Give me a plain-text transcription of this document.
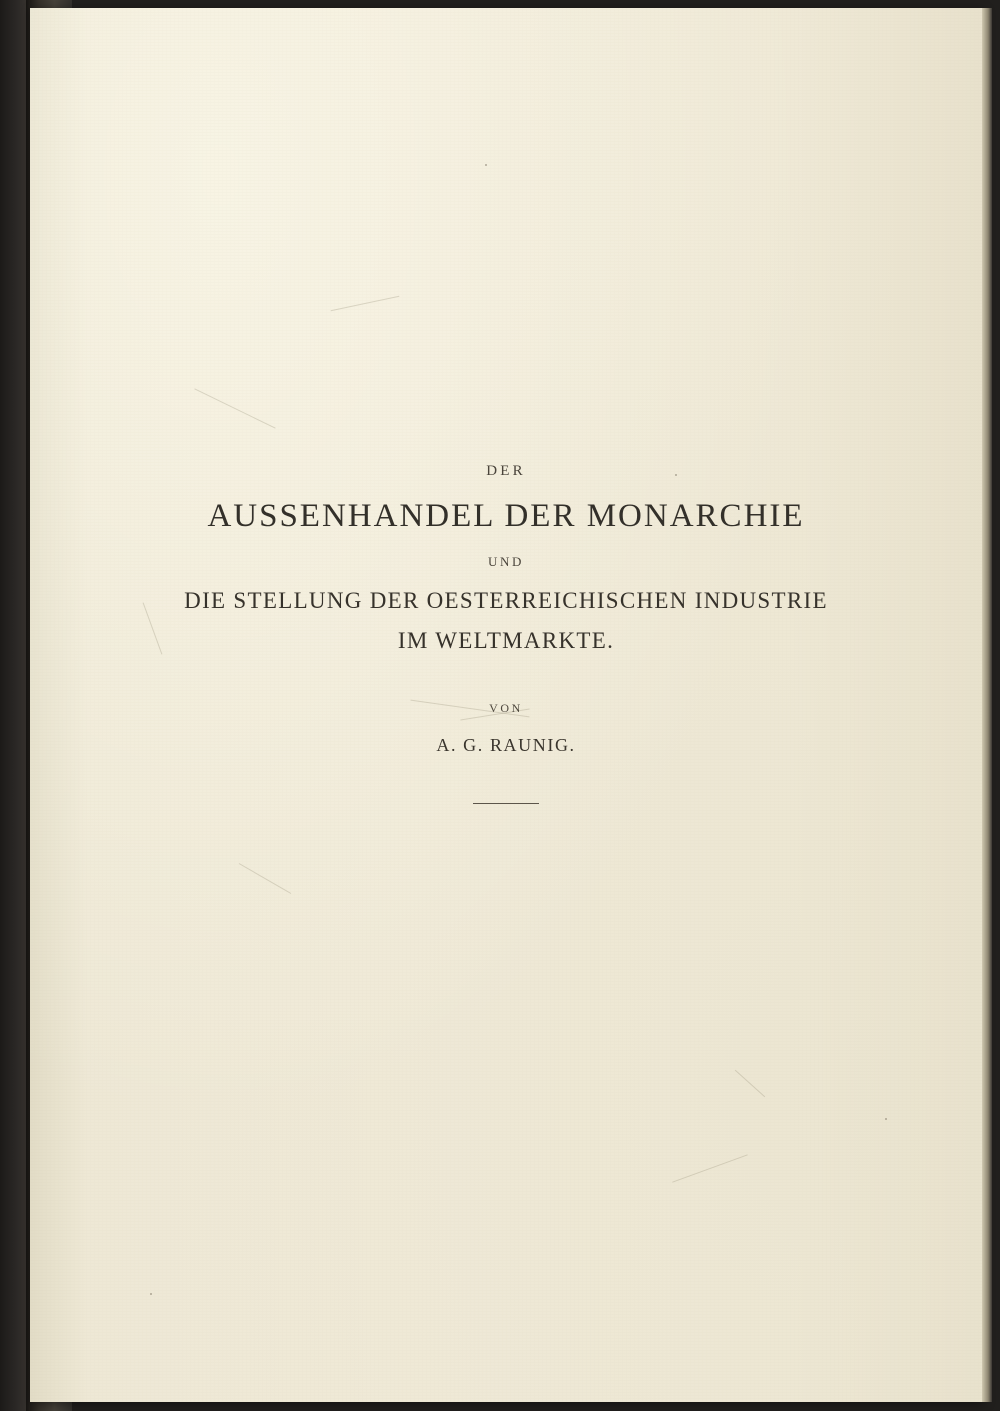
DER
AUSSENHANDEL DER MONARCHIE
UND
DIE STELLUNG DER OESTERREICHISCHEN INDUSTRIE
IM WELTMARKTE.
VON
A. G. RAUNIG.
